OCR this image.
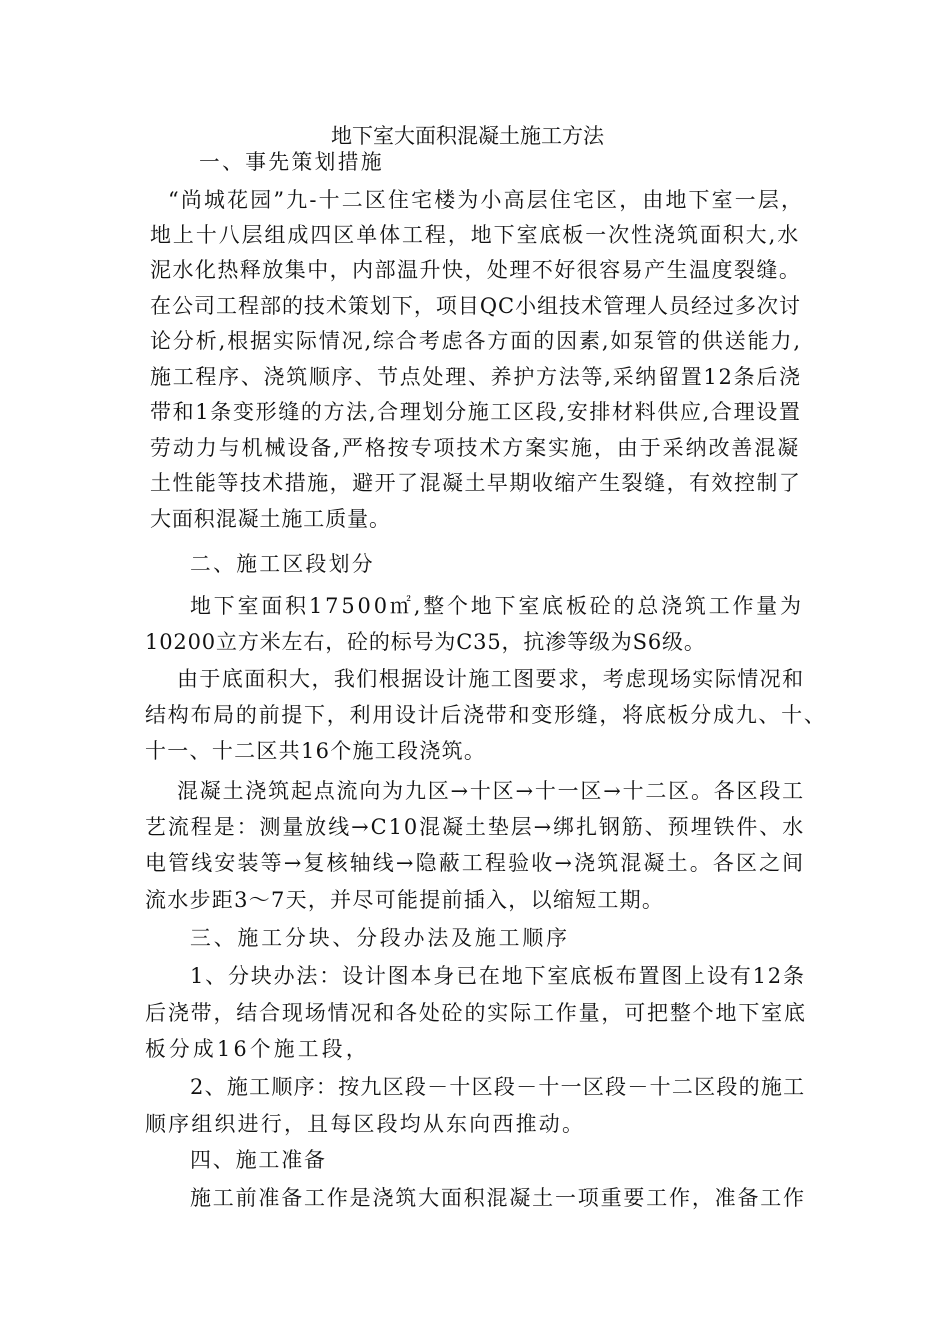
地下室大面积混凝土施工方法
一、事先策划措施
“尚城花园”九-十二区住宅楼为小高层住宅区，由地下室一层，
地上十八层组成四区单体工程，地下室底板一次性浇筑面积大,水
泥水化热释放集中，内部温升快，处理不好很容易产生温度裂缝。
在公司工程部的技术策划下，项目QC小组技术管理人员经过多次讨
论分析,根据实际情况,综合考虑各方面的因素,如泵管的供送能力,
施工程序、浇筑顺序、节点处理、养护方法等,采纳留置12条后浇
带和1条变形缝的方法,合理划分施工区段,安排材料供应,合理设置
劳动力与机械设备,严格按专项技术方案实施，由于采纳改善混凝
土性能等技术措施，避开了混凝土早期收缩产生裂缝，有效控制了
大面积混凝土施工质量。
二、施工区段划分
地下室面积17500㎡,整个地下室底板砼的总浇筑工作量为
10200立方米左右，砼的标号为C35，抗渗等级为S6级。
由于底面积大，我们根据设计施工图要求，考虑现场实际情况和
结构布局的前提下，利用设计后浇带和变形缝，将底板分成九、十、
十一、十二区共16个施工段浇筑。
混凝土浇筑起点流向为九区→十区→十一区→十二区。各区段工
艺流程是：测量放线→C10混凝土垫层→绑扎钢筋、预埋铁件、水
电管线安装等→复核轴线→隐蔽工程验收→浇筑混凝土。各区之间
流水步距3～7天，并尽可能提前插入，以缩短工期。
三、施工分块、分段办法及施工顺序
1、分块办法：设计图本身已在地下室底板布置图上设有12条
后浇带，结合现场情况和各处砼的实际工作量，可把整个地下室底
板分成16个施工段，
2、施工顺序：按九区段－十区段－十一区段－十二区段的施工
顺序组织进行，且每区段均从东向西推动。
四、施工准备
施工前准备工作是浇筑大面积混凝土一项重要工作，准备工作
